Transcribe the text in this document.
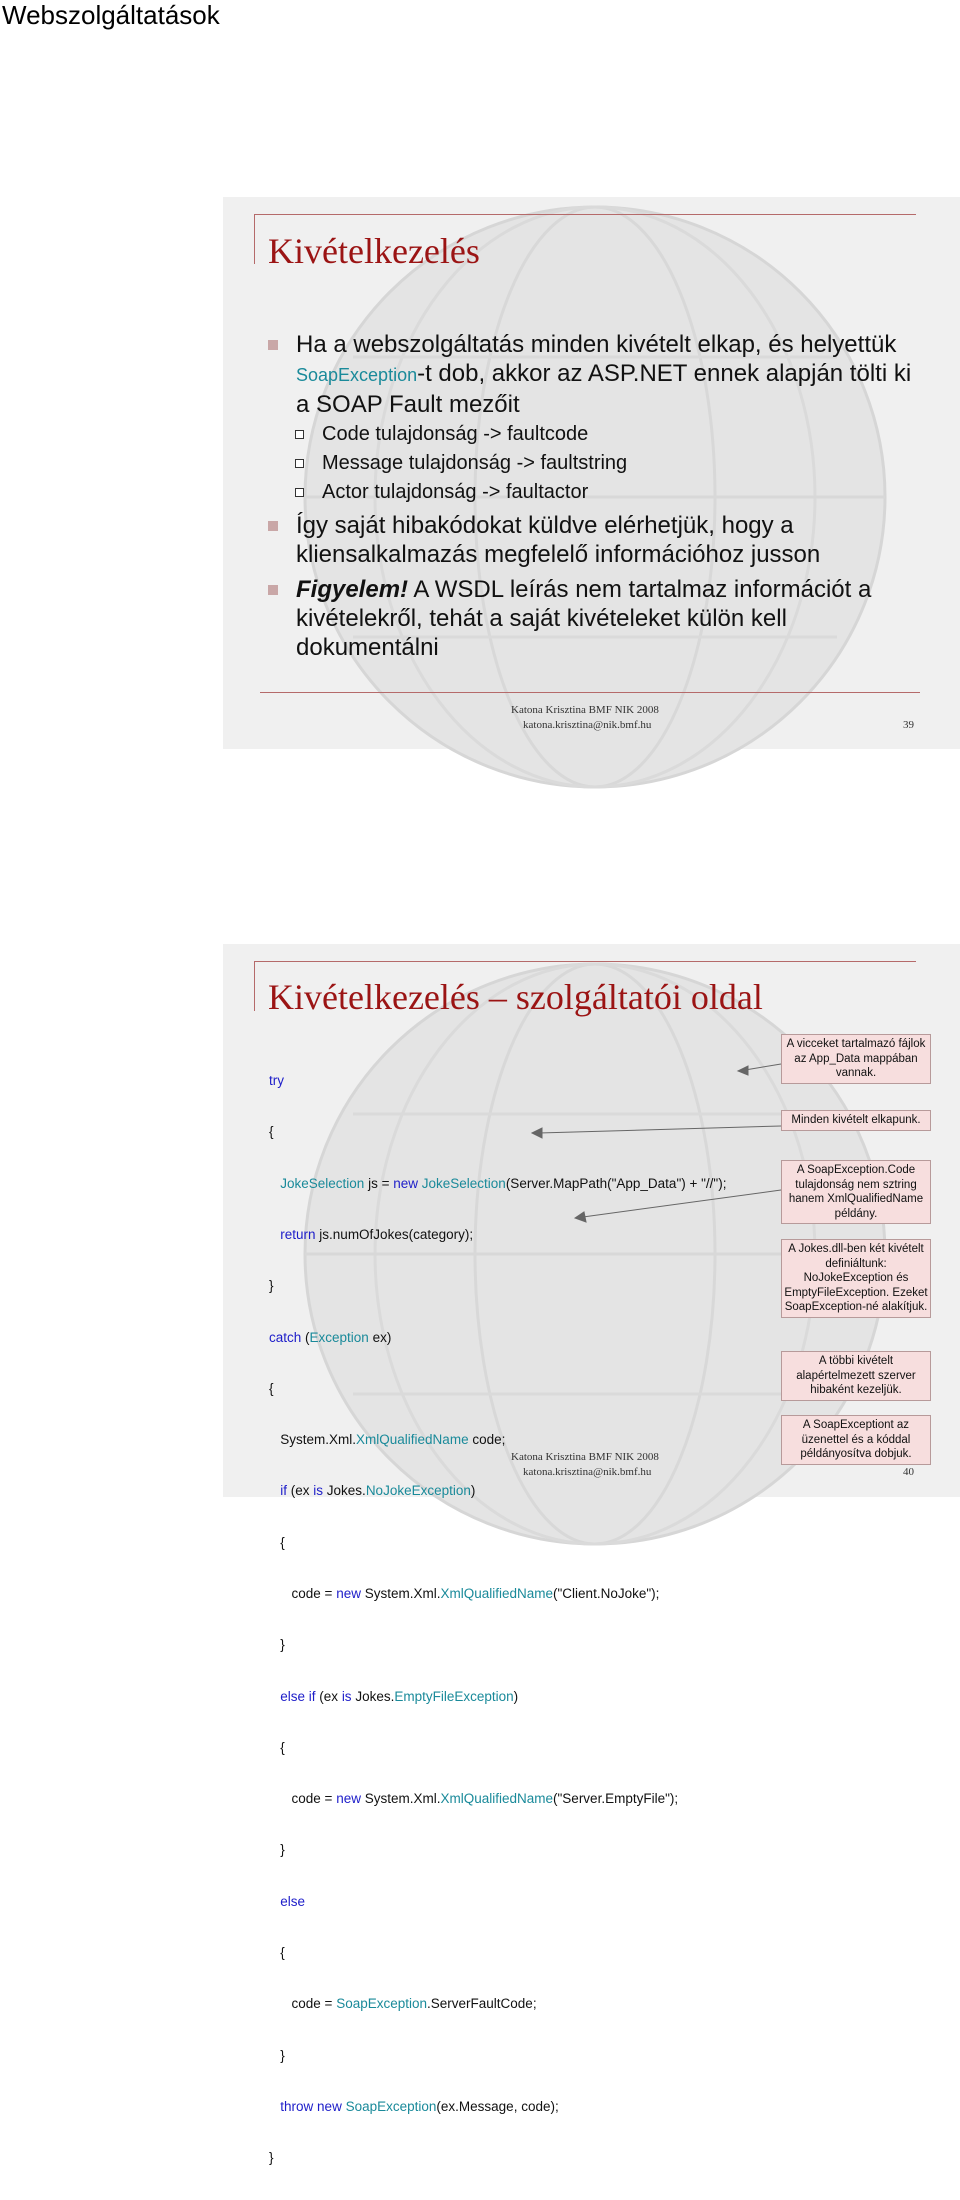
Webszolgáltatások
Kivételkezelés
Ha a webszolgáltatás minden kivételt elkap, és helyettük SoapException-t dob, akkor az ASP.NET ennek alapján tölti ki a SOAP Fault mezőit
Code tulajdonság -> faultcode
Message tulajdonság -> faultstring
Actor tulajdonság -> faultactor
Így saját hibakódokat küldve elérhetjük, hogy a kliensalkalmazás megfelelő információhoz jusson
Figyelem! A WSDL leírás nem tartalmaz információt a kivételekről, tehát a saját kivételeket külön kell dokumentálni
Katona Krisztina BMF NIK 2008
katona.krisztina@nik.bmf.hu	39
Kivételkezelés – szolgáltatói oldal

try

{

JokeSelection js = new JokeSelection(Server.MapPath("App_Data") + "//");

return js.numOfJokes(category);

}

catch (Exception ex)

{

System.Xml.XmlQualifiedName code;

if (ex is Jokes.NoJokeException)

{

code = new System.Xml.XmlQualifiedName("Client.NoJoke");

}

else if (ex is Jokes.EmptyFileException)

{

code = new System.Xml.XmlQualifiedName("Server.EmptyFile");

}

else

{

code = SoapException.ServerFaultCode;

}

throw new SoapException(ex.Message, code);

}

A vicceket tartalmazó fájlok az App_Data mappában vannak.
Minden kivételt elkapunk.
A SoapException.Code tulajdonság nem sztring hanem XmlQualifiedName példány.
A Jokes.dll-ben két kivételt definiáltunk: NoJokeException és EmptyFileException. Ezeket SoapException-né alakítjuk.
A többi kivételt alapértelmezett szerver hibaként kezeljük.
A SoapExceptiont az üzenettel és a kóddal példányosítva dobjuk.
Katona Krisztina BMF NIK 2008
katona.krisztina@nik.bmf.hu	40
